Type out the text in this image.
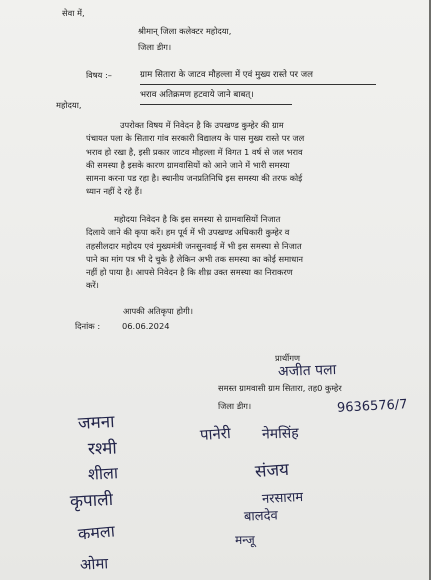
सेवा में,
श्रीमान् जिला कलेक्टर महोदया,
जिला डीग।
विषय :–	ग्राम सितारा के जाटव मौहल्ला में एवं मुख्य रास्ते पर जल
भराव अतिक्रमण हटवाये जाने बाबत्।
महोदया,
उपरोक्त विषय में निवेदन है कि उपखण्ड कुम्हेर की ग्राम
पंचायत पला के सितारा गांव सरकारी विद्यालय के पास मुख्य रास्ते पर जल
भराव हो रखा है, इसी प्रकार जाटव मौहल्ला में विगत 1 वर्ष से जल भराव
की समस्या है इसके कारण ग्रामवासियों को आने जाने में भारी समस्या
सामना करना पड रहा है। स्थानीय जनप्रतिनिधि इस समस्या की तरफ कोई
ध्यान नहीं दे रहे हैं।
महोदया निवेदन है कि इस समस्या से ग्रामवासियों निजात
दिलाये जाने की कृपा करें। हम पूर्व में भी उपखण्ड अधिकारी कुम्हेर व
तहसीलदार महोदय एवं मुख्यमंत्री जनसुनवाई में भी इस समस्या से निजात
पाने का मांग पत्र भी दे चुके है लेकिन अभी तक समस्या का कोई समाधान
नहीं हो पाया है। आपसे निवेदन है कि शीध्र उक्त समस्या का निराकरण
करें।
आपकी अतिकृपा होगी।
दिनांक :	06.06.2024
प्रार्थीगण
अजीत पला
समस्त ग्रामवासी ग्राम सितारा, तह0 कुम्हेर
जिला डीग।	9636576/7
जमना
पानेरी नेमसिंह
रश्मी
शीला	संजय
कृपाली	नरसाराम
बालदेव
कमला	मन्जू
ओमा
